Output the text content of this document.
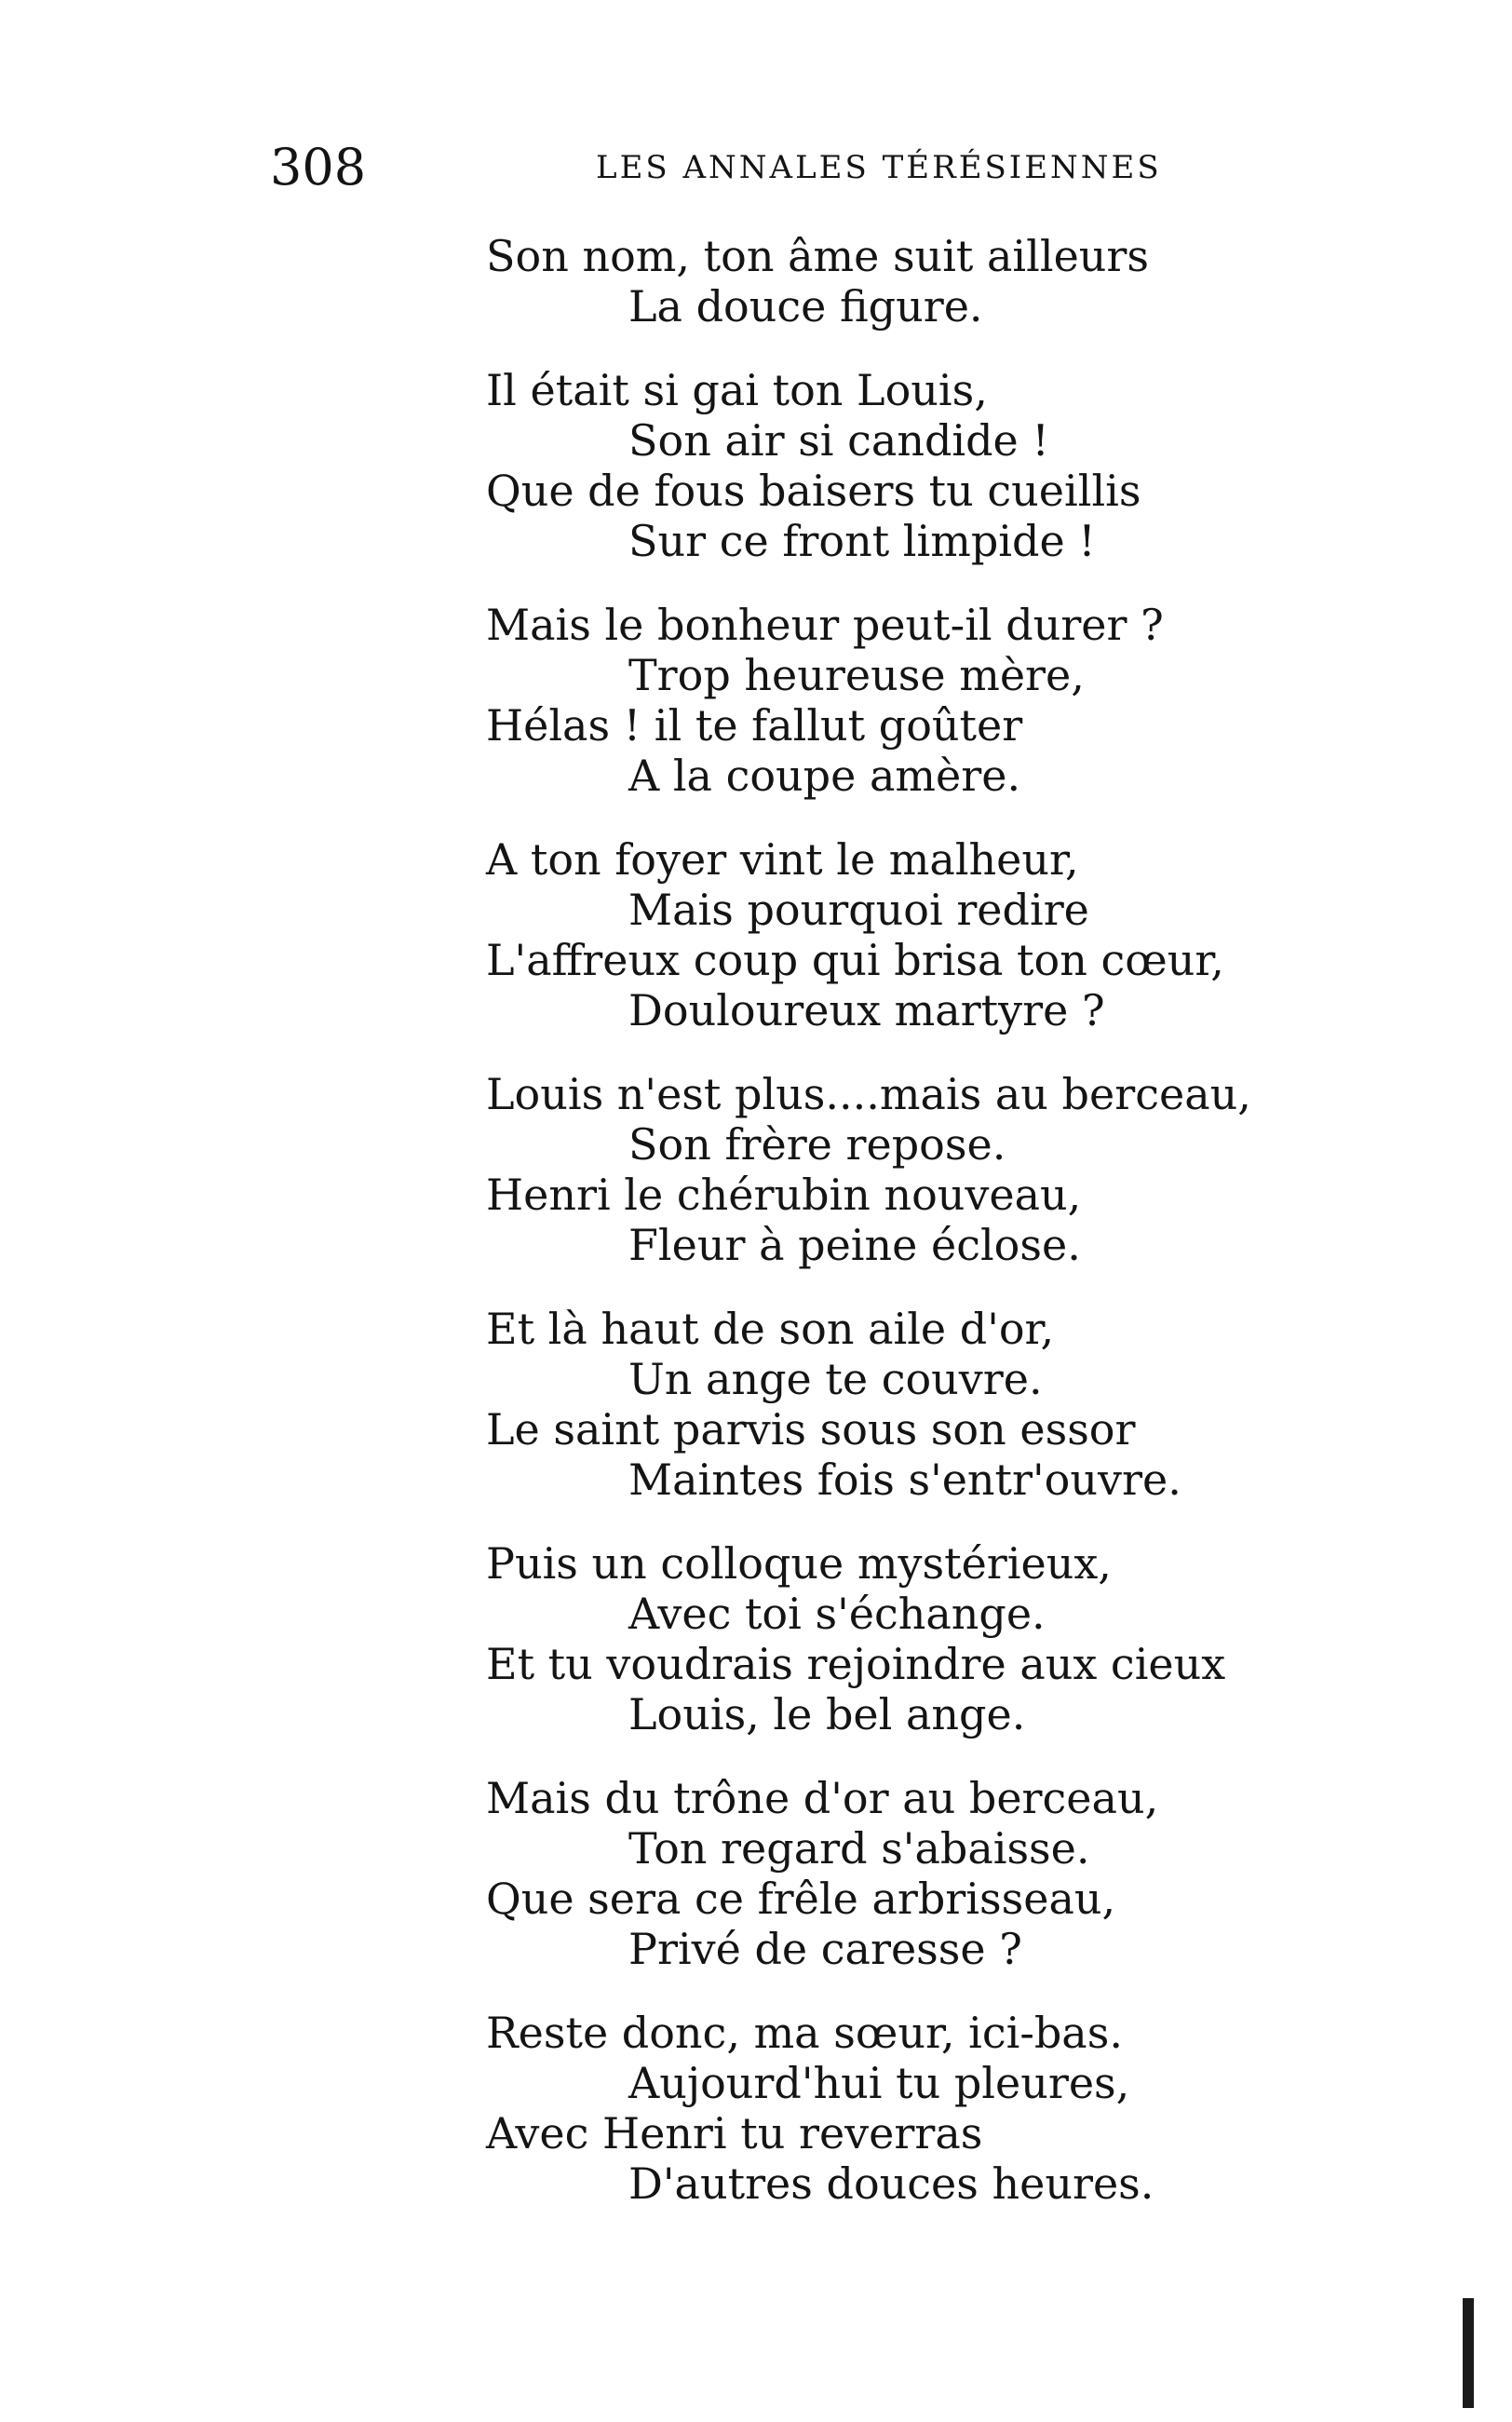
308	LES ANNALES TÉRÉSIENNES
Son nom, ton âme suit ailleurs
La douce figure.
Il était si gai ton Louis,
Son air si candide !
Que de fous baisers tu cueillis
Sur ce front limpide !
Mais le bonheur peut-il durer ?
Trop heureuse mère,
Hélas ! il te fallut goûter
A la coupe amère.
A ton foyer vint le malheur,
Mais pourquoi redire
L'affreux coup qui brisa ton cœur,
Douloureux martyre ?
Louis n'est plus....mais au berceau,
Son frère repose.
Henri le chérubin nouveau,
Fleur à peine éclose.
Et là haut de son aile d'or,
Un ange te couvre.
Le saint parvis sous son essor
Maintes fois s'entr'ouvre.
Puis un colloque mystérieux,
Avec toi s'échange.
Et tu voudrais rejoindre aux cieux
Louis, le bel ange.
Mais du trône d'or au berceau,
Ton regard s'abaisse.
Que sera ce frêle arbrisseau,
Privé de caresse ?
Reste donc, ma sœur, ici-bas.
Aujourd'hui tu pleures,
Avec Henri tu reverras
D'autres douces heures.
